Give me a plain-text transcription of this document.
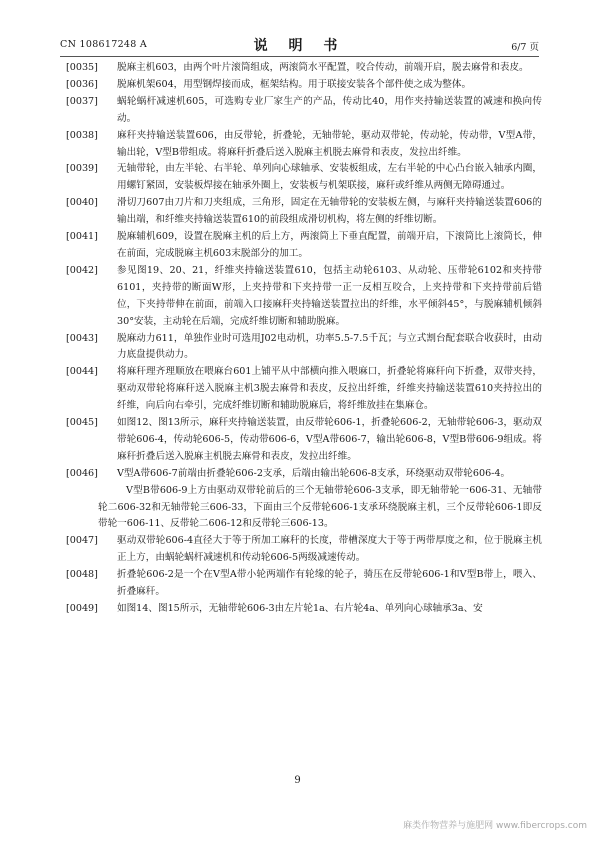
CN 108617248 A	说 明 书	6/7 页

[0035] 脱麻主机603，由两个叶片滚筒组成，两滚筒水平配置，咬合传动，前端开启，脱去麻骨和表皮。

[0036] 脱麻机架604，用型钢焊接而成，框架结构。用于联接安装各个部件使之成为整体。

[0037] 蜗轮蜗杆减速机605，可选购专业厂家生产的产品，传动比40，用作夹持输送装置的减速和换向传动。

[0038] 麻秆夹持输送装置606，由反带轮，折叠轮，无轴带轮，驱动双带轮，传动轮，传动带，V型A带，输出轮，V型B带组成。将麻秆折叠后送入脱麻主机脱去麻骨和表皮，发拉出纤维。

[0039] 无轴带轮，由左半轮、右半轮、单列向心球轴承、安装板组成，左右半轮的中心凸台嵌入轴承内圈，用螺钉紧固，安装板焊接在轴承外圈上，安装板与机架联接，麻秆或纤维从两侧无障碍通过。

[0040] 滑切刀607由刀片和刀夹组成，三角形，固定在无轴带轮的安装板左侧，与麻秆夹持输送装置606的输出端，和纤维夹持输送装置610的前段组成滑切机构，将左侧的纤维切断。

[0041] 脱麻辅机609，设置在脱麻主机的后上方，两滚筒上下垂直配置，前端开启，下滚筒比上滚筒长，伸在前面，完成脱麻主机603末脱部分的加工。

[0042] 参见图19、20、21，纤维夹持输送装置610，包括主动轮6103、从动轮、压带轮6102和夹持带6101，夹持带的断面W形，上夹持带和下夹持带一正一反相互咬合，上夹持带和下夹持带前后错位，下夹持带伸在前面，前端入口接麻秆夹持输送装置拉出的纤维，水平倾斜45°，与脱麻辅机倾斜30°安装，主动轮在后端，完成纤维切断和辅助脱麻。

[0043] 脱麻动力611，单独作业时可选用J02电动机，功率5.5-7.5千瓦；与立式割台配套联合收获时，由动力底盘提供动力。

[0044] 将麻秆理齐理顺放在喂麻台601上铺平从中部横向推入喂麻口，折叠轮将麻秆向下折叠，双带夹持，驱动双带轮将麻秆送入脱麻主机3脱去麻骨和表皮，反拉出纤维，纤维夹持输送装置610夹持拉出的纤维，向后向右牵引，完成纤维切断和辅助脱麻后，将纤维放挂在集麻仓。

[0045] 如图12、图13所示，麻秆夹持输送装置，由反带轮606-1，折叠轮606-2，无轴带轮606-3，驱动双带轮606-4，传动轮606-5，传动带606-6，V型A带606-7，输出轮606-8，V型B带606-9组成。将麻秆折叠后送入脱麻主机脱去麻骨和表皮，发拉出纤维。

[0046] V型A带606-7前端由折叠轮606-2支承，后端由输出轮606-8支承，环绕驱动双带轮606-4。

V型B带606-9上方由驱动双带轮前后的三个无轴带轮606-3支承，即无轴带轮一606-31、无轴带轮二606-32和无轴带轮三606-33，下面由三个反带轮606-1支承环绕脱麻主机，三个反带轮606-1即反带轮一606-11、反带轮二606-12和反带轮三606-13。

[0047] 驱动双带轮606-4直径大于等于所加工麻秆的长度，带槽深度大于等于两带厚度之和，位于脱麻主机正上方，由蜗轮蜗杆减速机和传动轮606-5两级减速传动。

[0048] 折叠轮606-2是一个在V型A带小轮两端作有轮缘的轮子，骑压在反带轮606-1和V型B带上，喂入、折叠麻秆。

[0049] 如图14、图15所示，无轴带轮606-3由左片轮1a、右片轮4a、单列向心球轴承3a、安

9
麻类作物营养与施肥网 www.fibercrops.com
